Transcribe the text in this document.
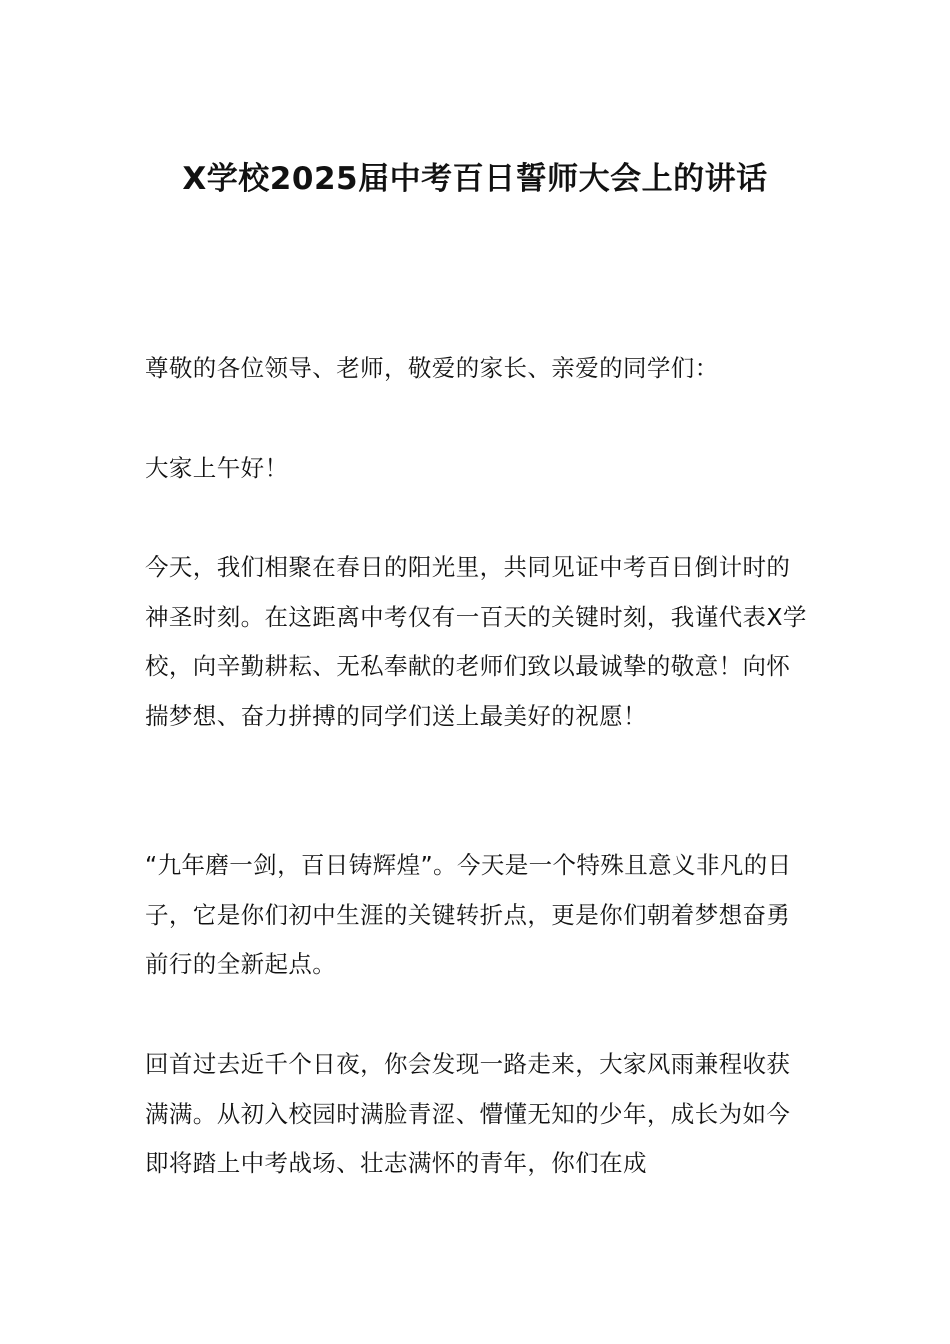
X学校2025届中考百日誓师大会上的讲话

尊敬的各位领导、老师，敬爱的家长、亲爱的同学们：

大家上午好！

今天，我们相聚在春日的阳光里，共同见证中考百日倒计时的神圣时刻。在这距离中考仅有一百天的关键时刻，我谨代表X学校，向辛勤耕耘、无私奉献的老师们致以最诚挚的敬意！向怀揣梦想、奋力拼搏的同学们送上最美好的祝愿！

“九年磨一剑，百日铸辉煌”。今天是一个特殊且意义非凡的日子，它是你们初中生涯的关键转折点，更是你们朝着梦想奋勇前行的全新起点。

回首过去近千个日夜，你会发现一路走来，大家风雨兼程收获满满。从初入校园时满脸青涩、懵懂无知的少年，成长为如今即将踏上中考战场、壮志满怀的青年，你们在成
